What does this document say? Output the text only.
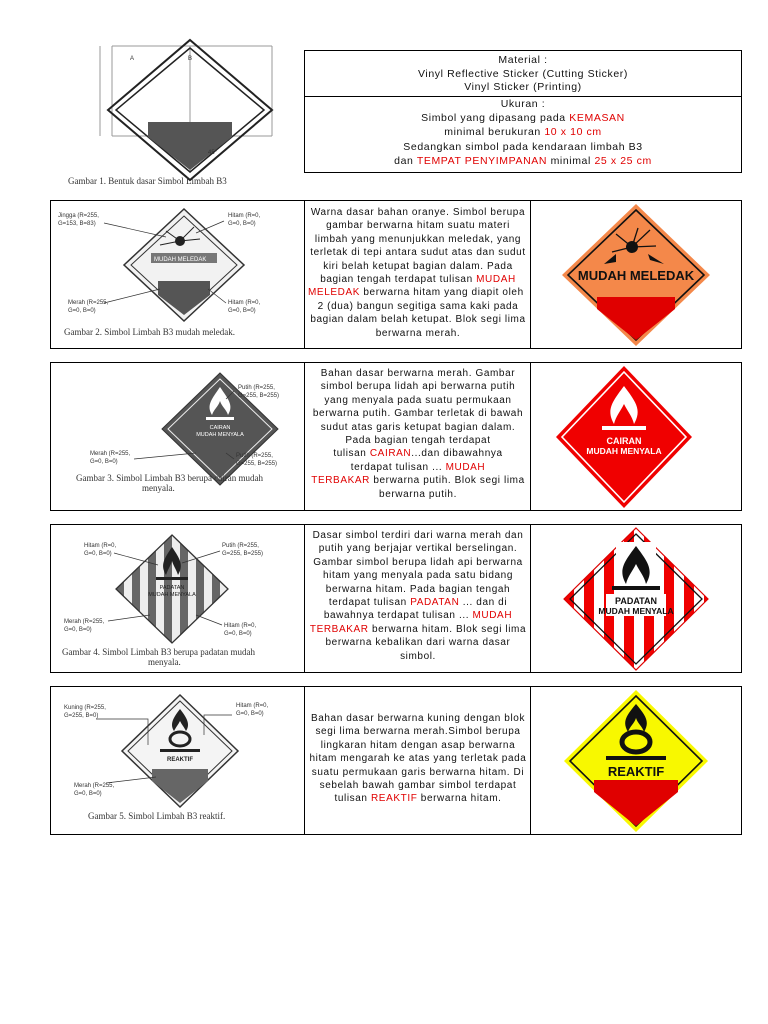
A	B
45°
Gambar 1. Bentuk dasar Simbol Limbah B3
Material :
Vinyl Reflective Sticker (Cutting Sticker)
Vinyl Sticker (Printing)
Ukuran :
Simbol yang dipasang pada KEMASAN
minimal berukuran 10 x 10 cm
Sedangkan simbol pada kendaraan limbah B3
dan TEMPAT PENYIMPANAN minimal 25 x 25 cm
MUDAH MELEDAK
Jingga (R=255,
G=153, B=83)
Hitam (R=0,
G=0, B=0)
Merah (R=255,
G=0, B=0)
Hitam (R=0,
G=0, B=0)
Gambar 2. Simbol Limbah B3 mudah meledak.
Warna dasar bahan oranye. Simbol berupa
gambar berwarna hitam suatu materi
limbah yang menunjukkan meledak, yang
terletak di tepi antara sudut atas dan sudut
kiri belah ketupat bagian dalam. Pada
bagian tengah terdapat tulisan MUDAH
MELEDAK berwarna hitam yang diapit oleh
2 (dua) bangun segitiga sama kaki pada
bagian dalam belah ketupat. Blok segi lima
berwarna merah.
MUDAH MELEDAK
CAIRAN
MUDAH MENYALA
Putih (R=255,
G=255, B=255)
Merah (R=255,
G=0, B=0)
Putih (R=255,
G=255, B=255)
Gambar 3. Simbol Limbah B3 berupa cairan mudah
menyala.
Bahan dasar berwarna merah. Gambar
simbol berupa lidah api berwarna putih
yang menyala pada suatu permukaan
berwarna putih. Gambar terletak di bawah
sudut atas garis ketupat bagian dalam.
Pada bagian tengah terdapat
tulisan CAIRAN...dan dibawahnya
terdapat tulisan ... MUDAH
TERBAKAR berwarna putih. Blok segi lima
berwarna putih.
CAIRAN
MUDAH MENYALA
PADATAN
MUDAH MENYALA
Hitam (R=0,
G=0, B=0)
Putih (R=255,
G=255, B=255)
Merah (R=255,
G=0, B=0)
Hitam (R=0,
G=0, B=0)
Gambar 4. Simbol Limbah B3 berupa padatan mudah
menyala.
Dasar simbol terdiri dari warna merah dan
putih yang berjajar vertikal berselingan.
Gambar simbol berupa lidah api berwarna
hitam yang menyala pada satu bidang
berwarna hitam. Pada bagian tengah
terdapat tulisan PADATAN ... dan di
bawahnya terdapat tulisan ... MUDAH
TERBAKAR berwarna hitam. Blok segi lima
berwarna kebalikan dari warna dasar
simbol.
PADATAN
MUDAH MENYALA
REAKTIF
Kuning (R=255,
G=255, B=0)
Hitam (R=0,
G=0, B=0)
Merah (R=255,
G=0, B=0)
Gambar 5. Simbol Limbah B3 reaktif.
Bahan dasar berwarna kuning dengan blok
segi lima berwarna merah.Simbol berupa
lingkaran hitam dengan asap berwarna
hitam mengarah ke atas yang terletak pada
suatu permukaan garis berwarna hitam. Di
sebelah bawah gambar simbol terdapat
tulisan REAKTIF berwarna hitam.
REAKTIF
